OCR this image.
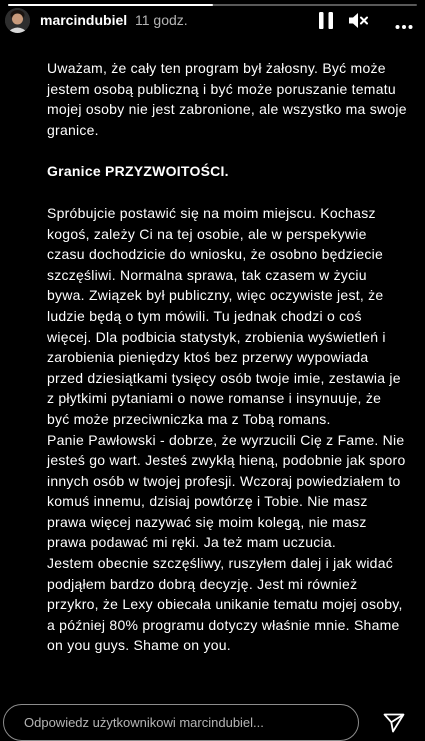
marcindubiel 11 godz.

Uważam, że cały ten program był żałosny. Być może jestem osobą publiczną i być może poruszanie tematu mojej osoby nie jest zabronione, ale wszystko ma swoje granice.

Granice PRZYZWOITOŚCI.

Spróbujcie postawić się na moim miejscu. Kochasz kogoś, zależy Ci na tej osobie, ale w perspekywie czasu dochodzicie do wniosku, że osobno będziecie szczęśliwi. Normalna sprawa, tak czasem w życiu bywa. Związek był publiczny, więc oczywiste jest, że ludzie będą o tym mówili. Tu jednak chodzi o coś więcej. Dla podbicia statystyk, zrobienia wyświetleń i zarobienia pieniędzy ktoś bez przerwy wypowiada przed dziesiątkami tysięcy osób twoje imie, zestawia je z płytkimi pytaniami o nowe romanse i insynuuje, że być może przeciwniczka ma z Tobą romans.

Panie Pawłowski - dobrze, że wyrzucili Cię z Fame. Nie jesteś go wart. Jesteś zwykłą hieną, podobnie jak sporo innych osób w twojej profesji. Wczoraj powiedziałem to komuś innemu, dzisiaj powtórzę i Tobie. Nie masz prawa więcej nazywać się moim kolegą, nie masz prawa podawać mi ręki. Ja też mam uczucia.

Jestem obecnie szczęśliwy, ruszyłem dalej i jak widać podjąłem bardzo dobrą decyzję. Jest mi również przykro, że Lexy obiecała unikanie tematu mojej osoby, a później 80% programu dotyczy właśnie mnie. Shame on you guys. Shame on you.

Odpowiedz użytkownikowi marcindubiel...
